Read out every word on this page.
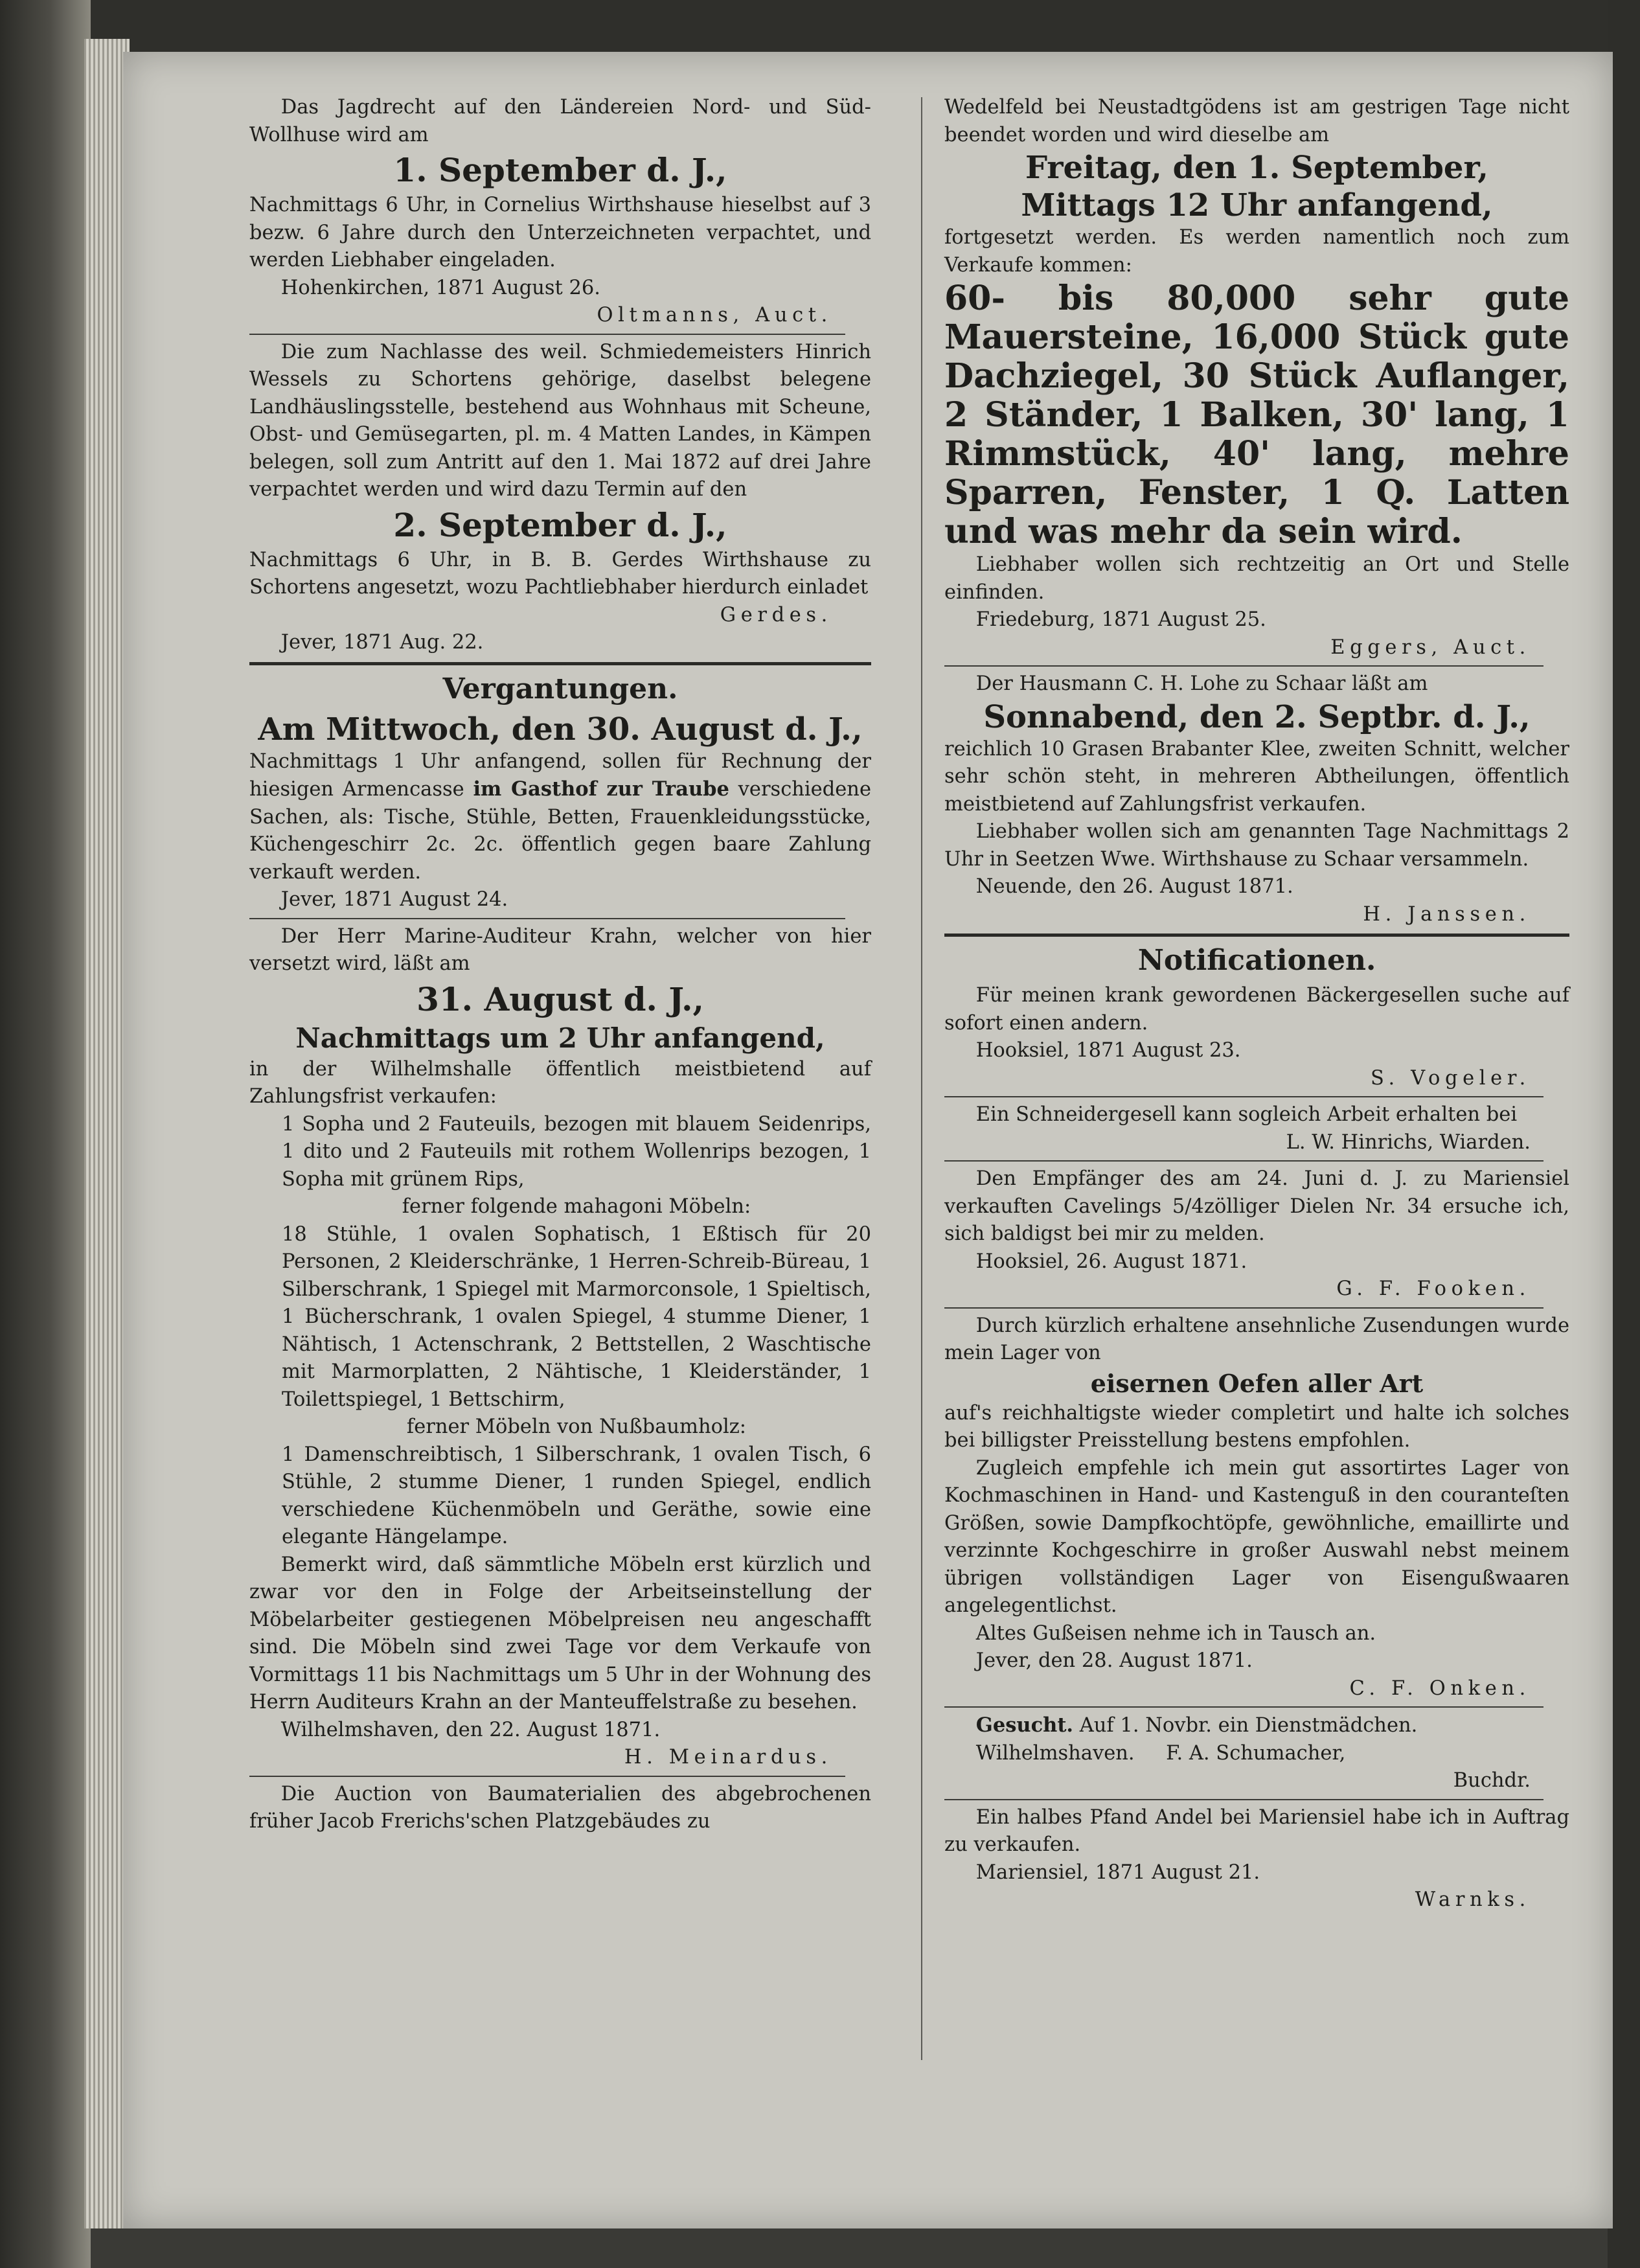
Das Jagdrecht auf den Ländereien Nord- und Süd-Wollhuse wird am

1. September d. J.,

Nachmittags 6 Uhr, in Cornelius Wirthshause hieselbst auf 3 bezw. 6 Jahre durch den Unterzeichneten verpachtet, und werden Liebhaber eingeladen.

Hohenkirchen, 1871 August 26.

Oltmanns, Auct.

Die zum Nachlasse des weil. Schmiedemeisters Hinrich Wessels zu Schortens gehörige, daselbst belegene Landhäuslingsstelle, bestehend aus Wohnhaus mit Scheune, Obst- und Gemüsegarten, pl. m. 4 Matten Landes, in Kämpen belegen, soll zum Antritt auf den 1. Mai 1872 auf drei Jahre verpachtet werden und wird dazu Termin auf den

2. September d. J.,

Nachmittags 6 Uhr, in B. B. Gerdes Wirthshause zu Schortens angesetzt, wozu Pachtliebhaber hierdurch einladet

Gerdes.

Jever, 1871 Aug. 22.

Vergantungen.

Am Mittwoch, den 30. August d. J.,

Nachmittags 1 Uhr anfangend, sollen für Rechnung der hiesigen Armencasse im Gasthof zur Traube verschiedene Sachen, als: Tische, Stühle, Betten, Frauenkleidungsstücke, Küchengeschirr 2c. 2c. öffentlich gegen baare Zahlung verkauft werden.

Jever, 1871 August 24.

Der Herr Marine-Auditeur Krahn, welcher von hier versetzt wird, läßt am

31. August d. J.,

Nachmittags um 2 Uhr anfangend,

in der Wilhelmshalle öffentlich meistbietend auf Zahlungsfrist verkaufen:

1 Sopha und 2 Fauteuils, bezogen mit blauem Seidenrips, 1 dito und 2 Fauteuils mit rothem Wollenrips bezogen, 1 Sopha mit grünem Rips,

ferner folgende mahagoni Möbeln:

18 Stühle, 1 ovalen Sophatisch, 1 Eßtisch für 20 Personen, 2 Kleiderschränke, 1 Herren-Schreib-Büreau, 1 Silberschrank, 1 Spiegel mit Marmorconsole, 1 Spieltisch, 1 Bücherschrank, 1 ovalen Spiegel, 4 stumme Diener, 1 Nähtisch, 1 Actenschrank, 2 Bettstellen, 2 Waschtische mit Marmorplatten, 2 Nähtische, 1 Kleiderständer, 1 Toilettspiegel, 1 Bettschirm,

ferner Möbeln von Nußbaumholz:

1 Damenschreibtisch, 1 Silberschrank, 1 ovalen Tisch, 6 Stühle, 2 stumme Diener, 1 runden Spiegel, endlich verschiedene Küchenmöbeln und Geräthe, sowie eine elegante Hängelampe.

Bemerkt wird, daß sämmtliche Möbeln erst kürzlich und zwar vor den in Folge der Arbeitseinstellung der Möbelarbeiter gestiegenen Möbelpreisen neu angeschafft sind. Die Möbeln sind zwei Tage vor dem Verkaufe von Vormittags 11 bis Nachmittags um 5 Uhr in der Wohnung des Herrn Auditeurs Krahn an der Manteuffelstraße zu besehen.

Wilhelmshaven, den 22. August 1871.

H. Meinardus.

Die Auction von Baumaterialien des abgebrochenen früher Jacob Frerichs'schen Platzgebäudes zu

Wedelfeld bei Neustadtgödens ist am gestrigen Tage nicht beendet worden und wird dieselbe am

Freitag, den 1. September,

Mittags 12 Uhr anfangend,

fortgesetzt werden. Es werden namentlich noch zum Verkaufe kommen:

60- bis 80,000 sehr gute Mauersteine, 16,000 Stück gute Dachziegel, 30 Stück Auflanger, 2 Ständer, 1 Balken, 30' lang, 1 Rimmstück, 40' lang, mehre Sparren, Fenster, 1 Q. Latten und was mehr da sein wird.

Liebhaber wollen sich rechtzeitig an Ort und Stelle einfinden.

Friedeburg, 1871 August 25.

Eggers, Auct.

Der Hausmann C. H. Lohe zu Schaar läßt am

Sonnabend, den 2. Septbr. d. J.,

reichlich 10 Grasen Brabanter Klee, zweiten Schnitt, welcher sehr schön steht, in mehreren Abtheilungen, öffentlich meistbietend auf Zahlungsfrist verkaufen.

Liebhaber wollen sich am genannten Tage Nachmittags 2 Uhr in Seetzen Wwe. Wirthshause zu Schaar versammeln.

Neuende, den 26. August 1871.

H. Janssen.

Notificationen.

Für meinen krank gewordenen Bäckergesellen suche auf sofort einen andern.

Hooksiel, 1871 August 23.

S. Vogeler.

Ein Schneidergesell kann sogleich Arbeit erhalten bei

L. W. Hinrichs, Wiarden.

Den Empfänger des am 24. Juni d. J. zu Mariensiel verkauften Cavelings 5/4zölliger Dielen Nr. 34 ersuche ich, sich baldigst bei mir zu melden.

Hooksiel, 26. August 1871.

G. F. Fooken.

Durch kürzlich erhaltene ansehnliche Zusendungen wurde mein Lager von

eisernen Oefen aller Art

auf's reichhaltigste wieder completirt und halte ich solches bei billigster Preisstellung bestens empfohlen.

Zugleich empfehle ich mein gut assortirtes Lager von Kochmaschinen in Hand- und Kastenguß in den couranteſten Größen, sowie Dampfkochtöpfe, gewöhnliche, emaillirte und verzinnte Kochgeschirre in großer Auswahl nebst meinem übrigen vollständigen Lager von Eisengußwaaren angelegentlichst.

Altes Gußeisen nehme ich in Tausch an.

Jever, den 28. August 1871.

C. F. Onken.

Gesucht. Auf 1. Novbr. ein Dienstmädchen.

Wilhelmshaven. F. A. Schumacher,

Buchdr.

Ein halbes Pfand Andel bei Mariensiel habe ich in Auftrag zu verkaufen.

Mariensiel, 1871 August 21.

Warnks.
